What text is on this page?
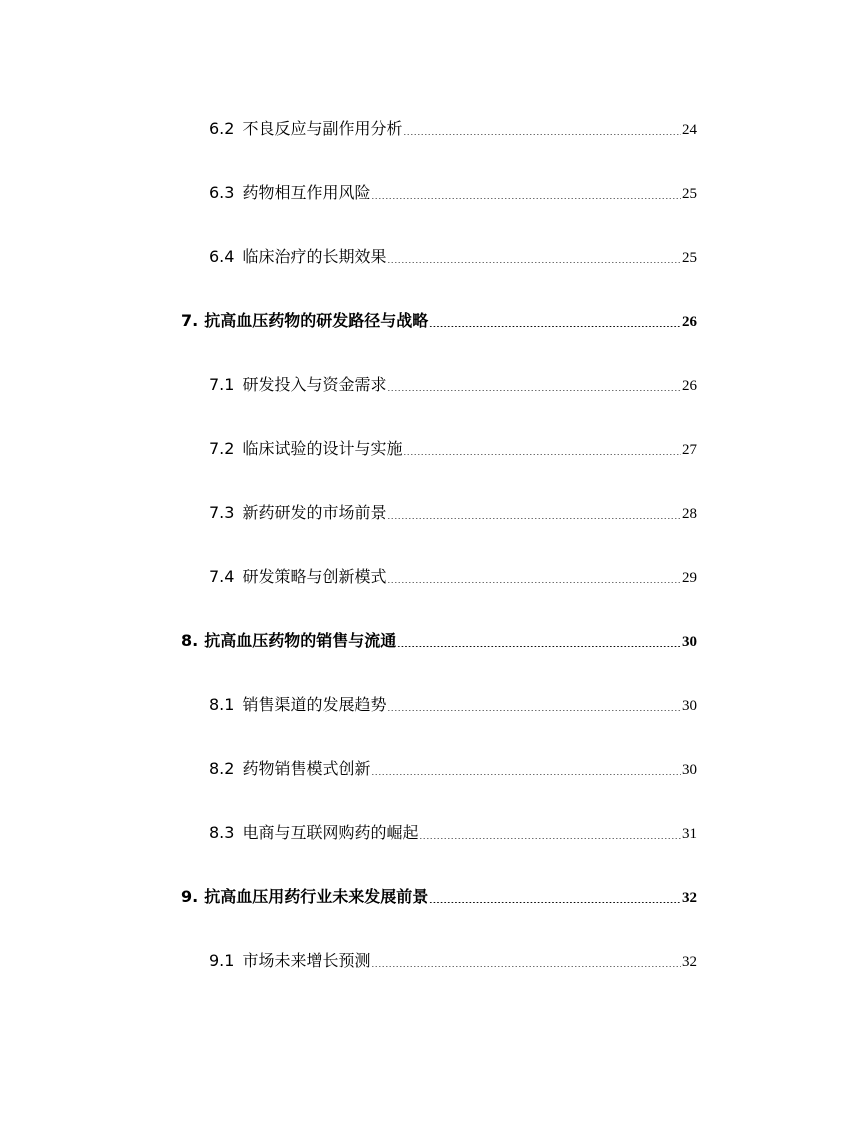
6.2 不良反应与副作用分析	24
6.3 药物相互作用风险	25
6.4 临床治疗的长期效果	25
7. 抗高血压药物的研发路径与战略	26
7.1 研发投入与资金需求	26
7.2 临床试验的设计与实施	27
7.3 新药研发的市场前景	28
7.4 研发策略与创新模式	29
8. 抗高血压药物的销售与流通	30
8.1 销售渠道的发展趋势	30
8.2 药物销售模式创新	30
8.3 电商与互联网购药的崛起	31
9. 抗高血压用药行业未来发展前景	32
9.1 市场未来增长预测	32
